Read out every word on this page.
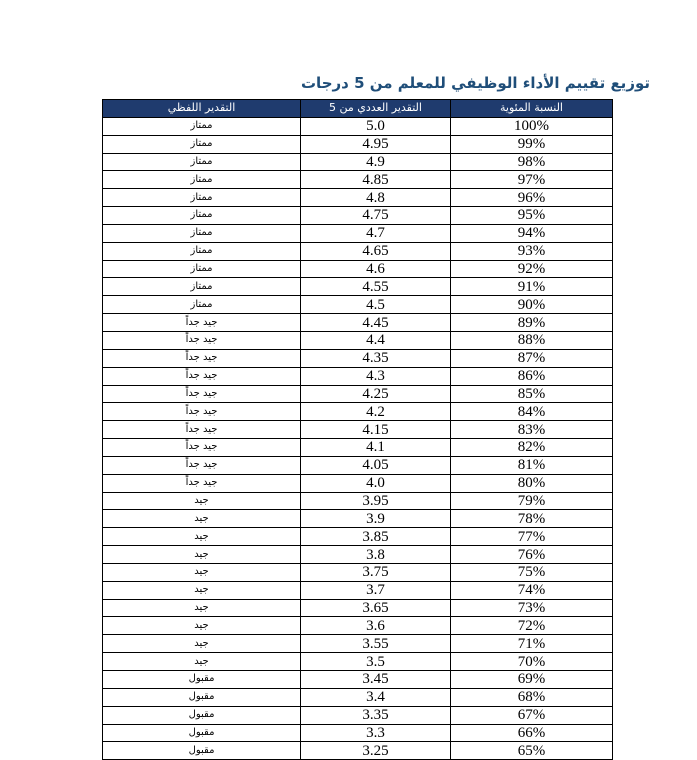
توزيع تقييم الأداء الوظيفي للمعلم من 5 درجات
التقدير اللفظي	التقدير العددي من 5	النسبة المئوية
ممتاز	5.0	100%
ممتاز	4.95	99%
ممتاز	4.9	98%
ممتاز	4.85	97%
ممتاز	4.8	96%
ممتاز	4.75	95%
ممتاز	4.7	94%
ممتاز	4.65	93%
ممتاز	4.6	92%
ممتاز	4.55	91%
ممتاز	4.5	90%
جيد جداً	4.45	89%
جيد جداً	4.4	88%
جيد جداً	4.35	87%
جيد جداً	4.3	86%
جيد جداً	4.25	85%
جيد جداً	4.2	84%
جيد جداً	4.15	83%
جيد جداً	4.1	82%
جيد جداً	4.05	81%
جيد جداً	4.0	80%
جيد	3.95	79%
جيد	3.9	78%
جيد	3.85	77%
جيد	3.8	76%
جيد	3.75	75%
جيد	3.7	74%
جيد	3.65	73%
جيد	3.6	72%
جيد	3.55	71%
جيد	3.5	70%
مقبول	3.45	69%
مقبول	3.4	68%
مقبول	3.35	67%
مقبول	3.3	66%
مقبول	3.25	65%
